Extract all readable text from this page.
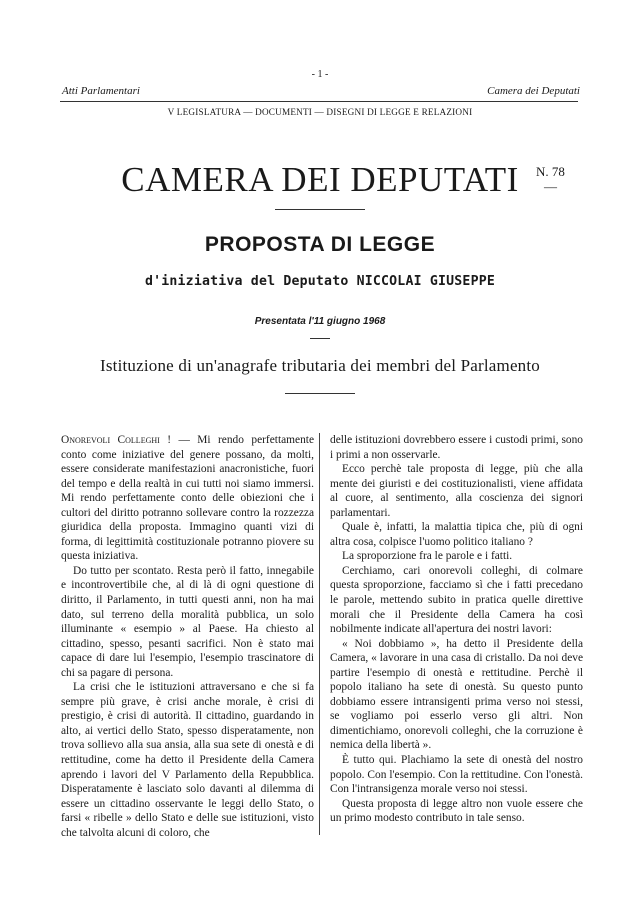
- 1 -
Atti Parlamentari	Camera dei Deputati
V LEGISLATURA — DOCUMENTI — DISEGNI DI LEGGE E RELAZIONI
CAMERA DEI DEPUTATI	N. 78
—
PROPOSTA DI LEGGE
d'iniziativa del Deputato NICCOLAI GIUSEPPE
Presentata l'11 giugno 1968
Istituzione di un'anagrafe tributaria dei membri del Parlamento

Onorevoli Colleghi ! — Mi rendo perfettamente conto come iniziative del genere possano, da molti, essere considerate manifestazioni anacronistiche, fuori del tempo e della realtà in cui tutti noi siamo immersi. Mi rendo perfettamente conto delle obiezioni che i cultori del diritto potranno sollevare contro la rozzezza giuridica della proposta. Immagino quanti vizi di forma, di legittimità costituzionale potranno piovere su questa iniziativa.

Do tutto per scontato. Resta però il fatto, innegabile e incontrovertibile che, al di là di ogni questione di diritto, il Parlamento, in tutti questi anni, non ha mai dato, sul terreno della moralità pubblica, un solo illuminante « esempio » al Paese. Ha chiesto al cittadino, spesso, pesanti sacrifici. Non è stato mai capace di dare lui l'esempio, l'esempio trascinatore di chi sa pagare di persona.

La crisi che le istituzioni attraversano e che si fa sempre più grave, è crisi anche morale, è crisi di prestigio, è crisi di autorità. Il cittadino, guardando in alto, ai vertici dello Stato, spesso disperatamente, non trova sollievo alla sua ansia, alla sua sete di onestà e di rettitudine, come ha detto il Presidente della Camera aprendo i lavori del V Parlamento della Repubblica. Disperatamente è lasciato solo davanti al dilemma di essere un cittadino osservante le leggi dello Stato, o farsi « ribelle » dello Stato e delle sue istituzioni, visto che talvolta alcuni di coloro, che

delle istituzioni dovrebbero essere i custodi primi, sono i primi a non osservarle.

Ecco perchè tale proposta di legge, più che alla mente dei giuristi e dei costituzionalisti, viene affidata al cuore, al sentimento, alla coscienza dei signori parlamentari.

Quale è, infatti, la malattia tipica che, più di ogni altra cosa, colpisce l'uomo politico italiano ?

La sproporzione fra le parole e i fatti.

Cerchiamo, cari onorevoli colleghi, di colmare questa sproporzione, facciamo sì che i fatti precedano le parole, mettendo subito in pratica quelle direttive morali che il Presidente della Camera ha così nobilmente indicate all'apertura dei nostri lavori:

« Noi dobbiamo », ha detto il Presidente della Camera, « lavorare in una casa di cristallo. Da noi deve partire l'esempio di onestà e rettitudine. Perchè il popolo italiano ha sete di onestà. Su questo punto dobbiamo essere intransigenti prima verso noi stessi, se vogliamo poi esserlo verso gli altri. Non dimentichiamo, onorevoli colleghi, che la corruzione è nemica della libertà ».

È tutto qui. Plachiamo la sete di onestà del nostro popolo. Con l'esempio. Con la rettitudine. Con l'onestà. Con l'intransigenza morale verso noi stessi.

Questa proposta di legge altro non vuole essere che un primo modesto contributo in tale senso.
